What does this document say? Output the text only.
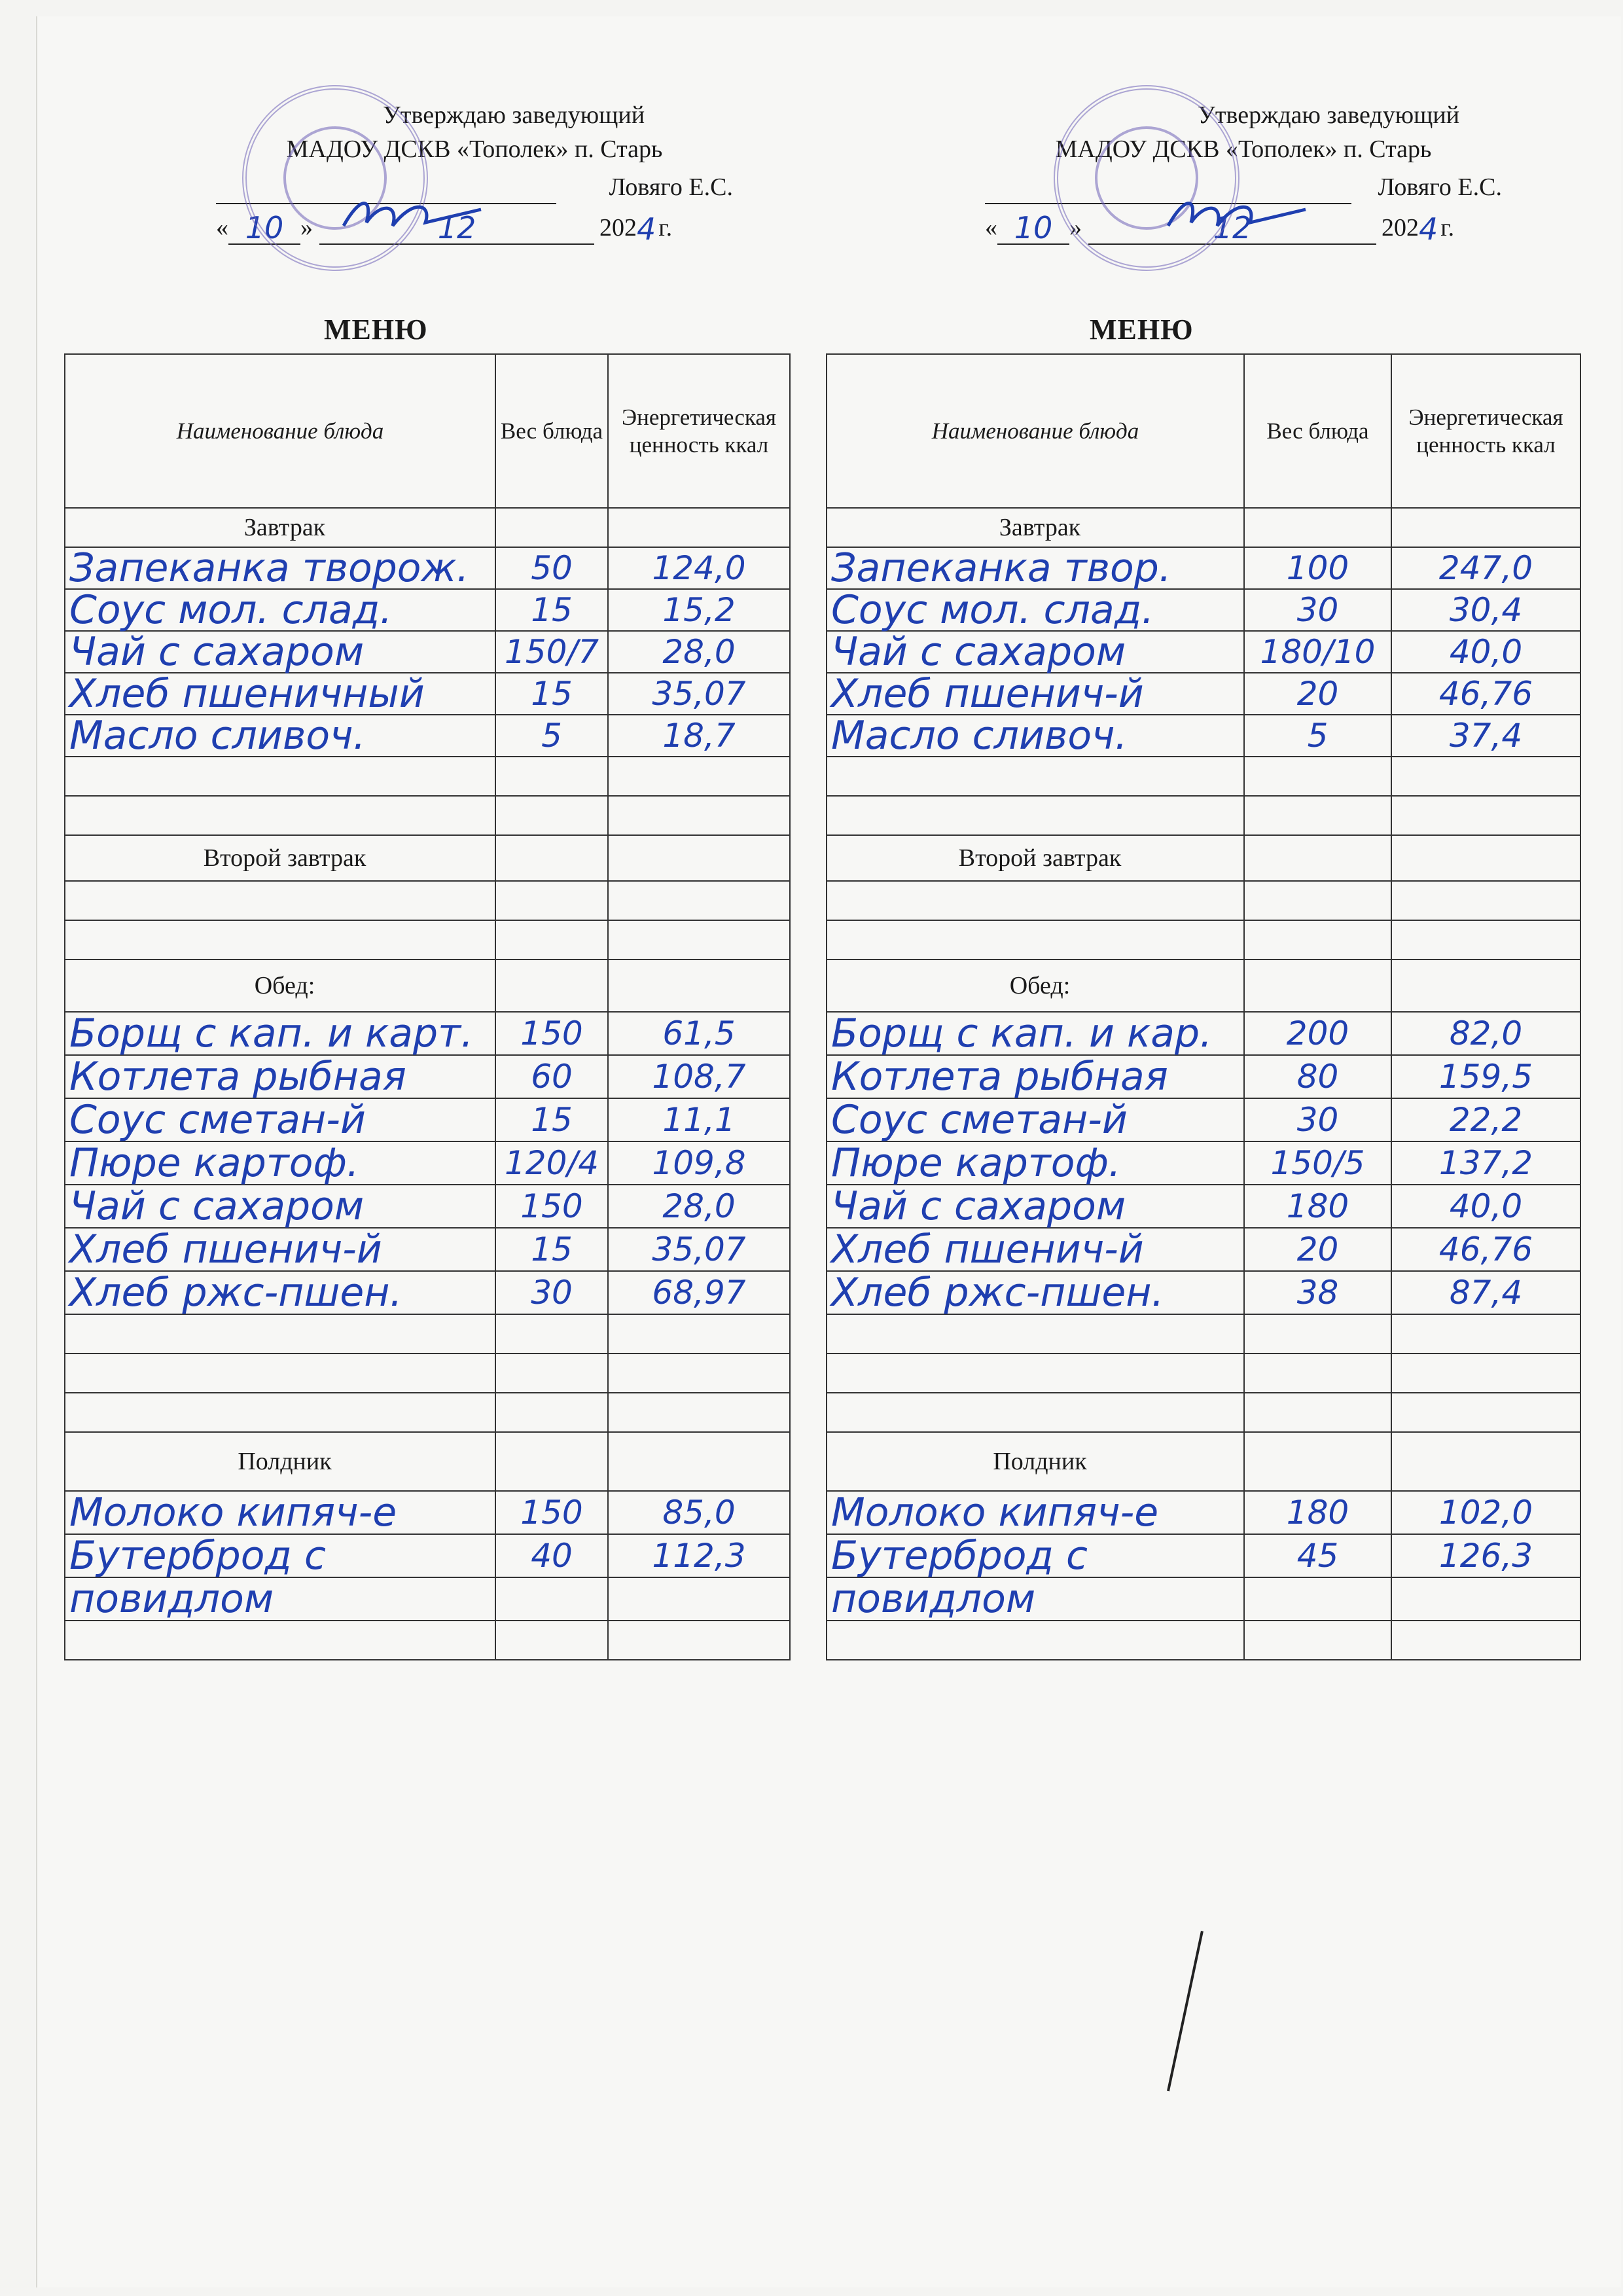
Утверждаю заведующий
МАДОУ ДСКВ «Тополек» п. Старь

Ловяго Е.С.
« 10 »	12	202 4 г.
Утверждаю заведующий
МАДОУ ДСКВ «Тополек» п. Старь

Ловяго Е.С.
« 10 »	12	202 4 г.
МЕНЮ	МЕНЮ
Наименование блюда	Вес блюда	Энергетическая ценность ккал
Завтрак		
Запеканка творож.	50	124,0
Соус мол. слад.	15	15,2
Чай с сахаром	150/7	28,0
Хлеб пшеничный	15	35,07
Масло сливоч.	5	18,7

Второй завтрак		

Обед:		
Борщ с кап. и карт.	150	61,5
Котлета рыбная	60	108,7
Соус сметан-й	15	11,1
Пюре картоф.	120/4	109,8
Чай с сахаром	150	28,0
Хлеб пшенич-й	15	35,07
Хлеб ржс-пшен.	30	68,97

Полдник		
Молоко кипяч-е	150	85,0
Бутерброд с	40	112,3
повидлом		

Наименование блюда	Вес блюда	Энергетическая ценность ккал
Завтрак		
Запеканка твор.	100	247,0
Соус мол. слад.	30	30,4
Чай с сахаром	180/10	40,0
Хлеб пшенич-й	20	46,76
Масло сливоч.	5	37,4

Второй завтрак		

Обед:		
Борщ с кап. и кар.	200	82,0
Котлета рыбная	80	159,5
Соус сметан-й	30	22,2
Пюре картоф.	150/5	137,2
Чай с сахаром	180	40,0
Хлеб пшенич-й	20	46,76
Хлеб ржс-пшен.	38	87,4

Полдник		
Молоко кипяч-е	180	102,0
Бутерброд с	45	126,3
повидлом		
